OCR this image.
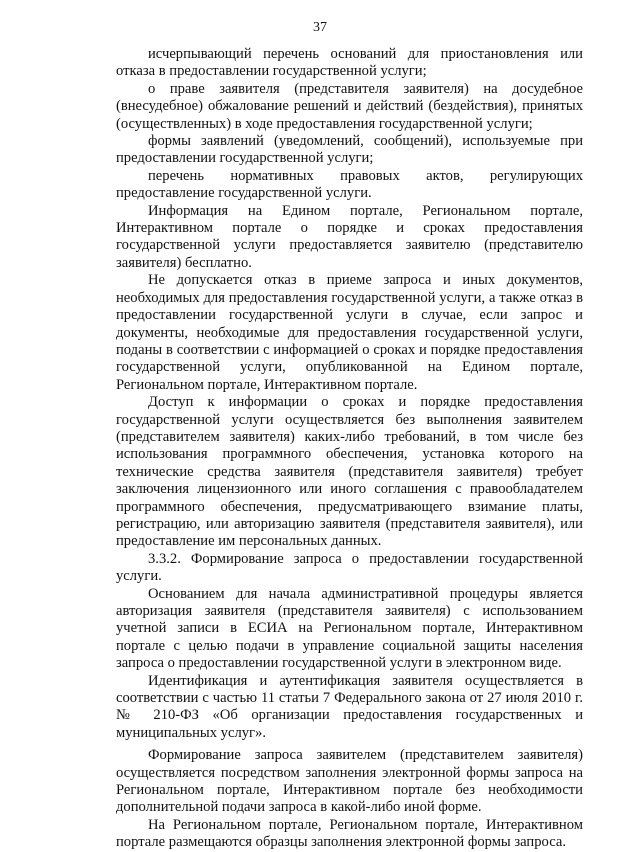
37

исчерпывающий перечень оснований для приостановления или отказа в предоставлении государственной услуги;

о праве заявителя (представителя заявителя) на досудебное (внесудебное) обжалование решений и действий (бездействия), принятых (осуществленных) в ходе предоставления государственной услуги;

формы заявлений (уведомлений, сообщений), используемые при предоставлении государственной услуги;

перечень нормативных правовых актов, регулирующих предоставление государственной услуги.

Информация на Едином портале, Региональном портале, Интерактивном портале о порядке и сроках предоставления государственной услуги предоставляется заявителю (представителю заявителя) бесплатно.

Не допускается отказ в приеме запроса и иных документов, необходимых для предоставления государственной услуги, а также отказ в предоставлении государственной услуги в случае, если запрос и документы, необходимые для предоставления государственной услуги, поданы в соответствии с информацией о сроках и порядке предоставления государственной услуги, опубликованной на Едином портале, Региональном портале, Интерактивном портале.

Доступ к информации о сроках и порядке предоставления государственной услуги осуществляется без выполнения заявителем (представителем заявителя) каких-либо требований, в том числе без использования программного обеспечения, установка которого на технические средства заявителя (представителя заявителя) требует заключения лицензионного или иного соглашения с правообладателем программного обеспечения, предусматривающего взимание платы, регистрацию, или авторизацию заявителя (представителя заявителя), или предоставление им персональных данных.

3.3.2. Формирование запроса о предоставлении государственной услуги.

Основанием для начала административной процедуры является авторизация заявителя (представителя заявителя) с использованием учетной записи в ЕСИА на Региональном портале, Интерактивном портале с целью подачи в управление социальной защиты населения запроса о предоставлении государственной услуги в электронном виде.

Идентификация и аутентификация заявителя осуществляется в соответствии с частью 11 статьи 7 Федерального закона от 27 июля 2010 г. № 210-ФЗ «Об организации предоставления государственных и муниципальных услуг».

Формирование запроса заявителем (представителем заявителя) осуществляется посредством заполнения электронной формы запроса на Региональном портале, Интерактивном портале без необходимости дополнительной подачи запроса в какой-либо иной форме.

На Региональном портале, Региональном портале, Интерактивном портале размещаются образцы заполнения электронной формы запроса.
